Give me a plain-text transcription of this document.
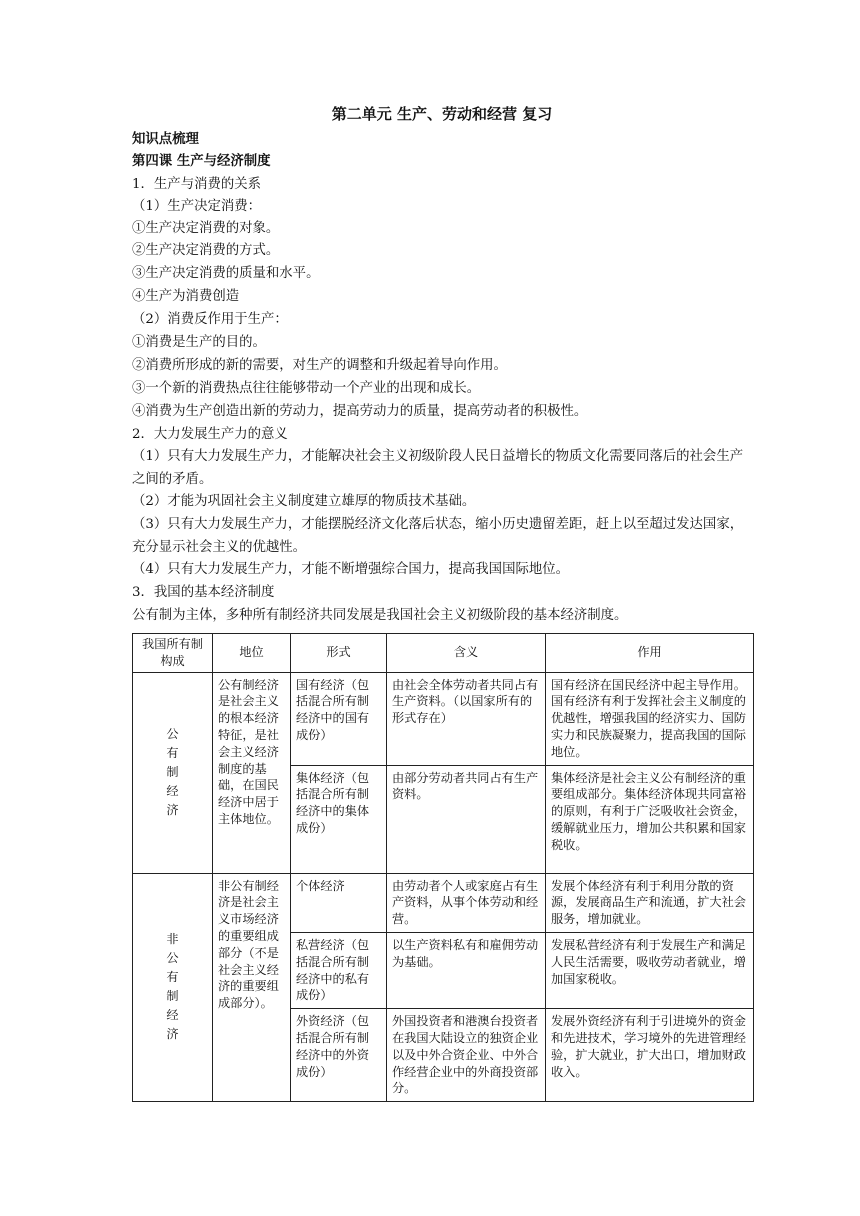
第二单元 生产、劳动和经营 复习
知识点梳理
第四课 生产与经济制度
1．生产与消费的关系
（1）生产决定消费：
①生产决定消费的对象。
②生产决定消费的方式。
③生产决定消费的质量和水平。
④生产为消费创造
（2）消费反作用于生产：
①消费是生产的目的。
②消费所形成的新的需要，对生产的调整和升级起着导向作用。
③一个新的消费热点往往能够带动一个产业的出现和成长。
④消费为生产创造出新的劳动力，提高劳动力的质量，提高劳动者的积极性。
2．大力发展生产力的意义
（1）只有大力发展生产力，才能解决社会主义初级阶段人民日益增长的物质文化需要同落后的社会生产之间的矛盾。
（2）才能为巩固社会主义制度建立雄厚的物质技术基础。
（3）只有大力发展生产力，才能摆脱经济文化落后状态，缩小历史遗留差距，赶上以至超过发达国家，充分显示社会主义的优越性。
（4）只有大力发展生产力，才能不断增强综合国力，提高我国国际地位。
3．我国的基本经济制度
公有制为主体，多种所有制经济共同发展是我国社会主义初级阶段的基本经济制度。
我国所有制构成	地位	形式	含义	作用
公有制经济	公有制经济是社会主义的根本经济特征，是社会主义经济制度的基础，在国民经济中居于主体地位。	国有经济（包括混合所有制经济中的国有成份）	由社会全体劳动者共同占有生产资料。（以国家所有的形式存在）	国有经济在国民经济中起主导作用。国有经济有利于发挥社会主义制度的优越性，增强我国的经济实力、国防实力和民族凝聚力，提高我国的国际地位。
		集体经济（包括混合所有制经济中的集体成份）	由部分劳动者共同占有生产资料。	集体经济是社会主义公有制经济的重要组成部分。集体经济体现共同富裕的原则，有利于广泛吸收社会资金，缓解就业压力，增加公共积累和国家税收。
非公有制经济	非公有制经济是社会主义市场经济的重要组成部分（不是社会主义经济的重要组成部分）。	个体经济	由劳动者个人或家庭占有生产资料，从事个体劳动和经营。	发展个体经济有利于利用分散的资源，发展商品生产和流通，扩大社会服务，增加就业。
		私营经济（包括混合所有制经济中的私有成份）	以生产资料私有和雇佣劳动为基础。	发展私营经济有利于发展生产和满足人民生活需要，吸收劳动者就业，增加国家税收。
		外资经济（包括混合所有制经济中的外资成份）	外国投资者和港澳台投资者在我国大陆设立的独资企业以及中外合资企业、中外合作经营企业中的外商投资部分。	发展外资经济有利于引进境外的资金和先进技术，学习境外的先进管理经验，扩大就业，扩大出口，增加财政收入。
